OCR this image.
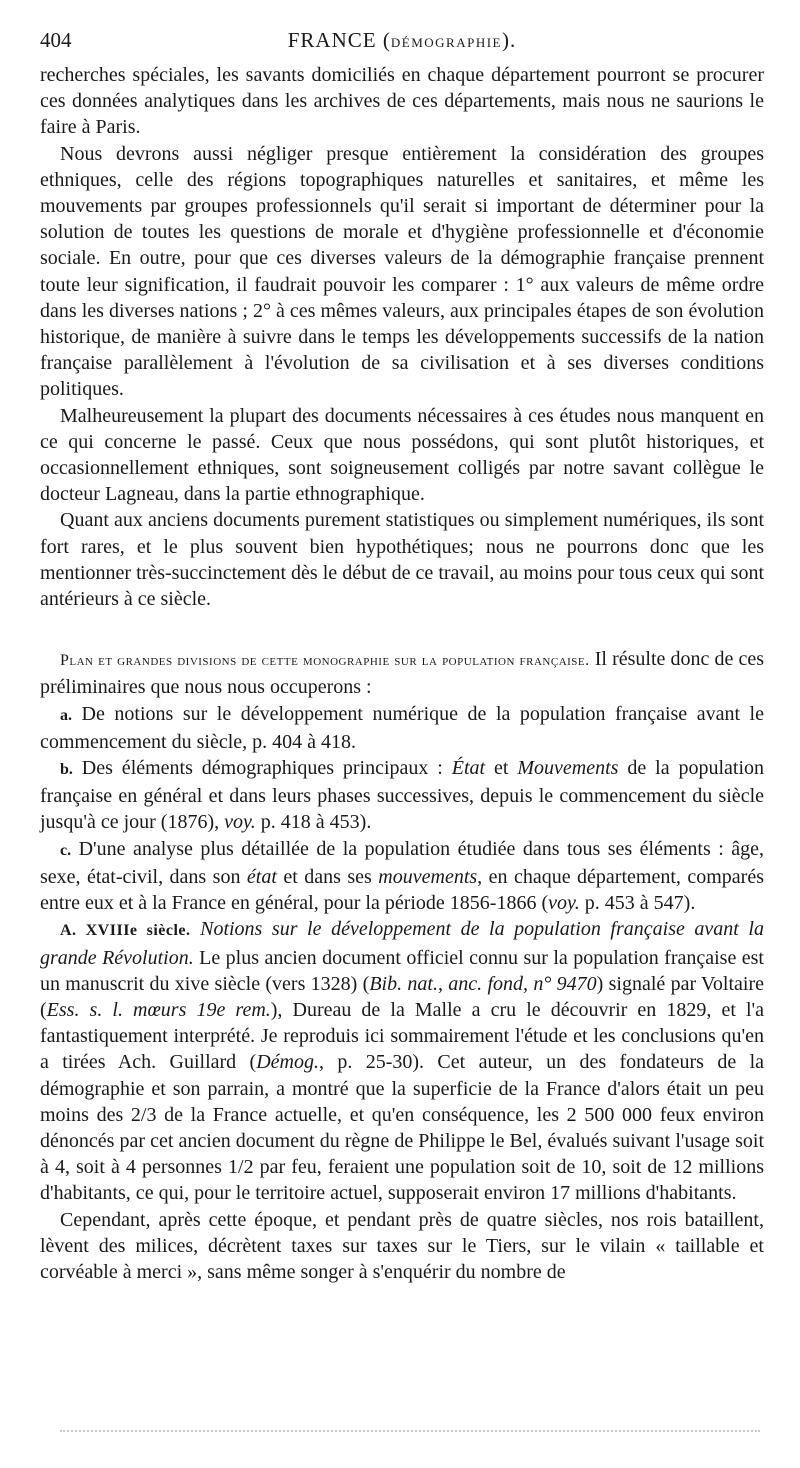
404	FRANCE (DÉMOGRAPHIE).

recherches spéciales, les savants domiciliés en chaque département pourront se procurer ces données analytiques dans les archives de ces départements, mais nous ne saurions le faire à Paris.

Nous devrons aussi négliger presque entièrement la considération des groupes ethniques, celle des régions topographiques naturelles et sanitaires, et même les mouvements par groupes professionnels qu'il serait si important de déterminer pour la solution de toutes les questions de morale et d'hygiène professionnelle et d'économie sociale. En outre, pour que ces diverses valeurs de la démographie française prennent toute leur signification, il faudrait pouvoir les comparer : 1° aux valeurs de même ordre dans les diverses nations ; 2° à ces mêmes valeurs, aux principales étapes de son évolution historique, de manière à suivre dans le temps les développements successifs de la nation française parallèlement à l'évolution de sa civilisation et à ses diverses conditions politiques.

Malheureusement la plupart des documents nécessaires à ces études nous manquent en ce qui concerne le passé. Ceux que nous possédons, qui sont plutôt historiques, et occasionnellement ethniques, sont soigneusement colligés par notre savant collègue le docteur Lagneau, dans la partie ethnographique.

Quant aux anciens documents purement statistiques ou simplement numériques, ils sont fort rares, et le plus souvent bien hypothétiques; nous ne pourrons donc que les mentionner très-succinctement dès le début de ce travail, au moins pour tous ceux qui sont antérieurs à ce siècle.

Plan et grandes divisions de cette monographie sur la population française. Il résulte donc de ces préliminaires que nous nous occuperons :

a. De notions sur le développement numérique de la population française avant le commencement du siècle, p. 404 à 418.

b. Des éléments démographiques principaux : État et Mouvements de la population française en général et dans leurs phases successives, depuis le commencement du siècle jusqu'à ce jour (1876), voy. p. 418 à 453).

c. D'une analyse plus détaillée de la population étudiée dans tous ses éléments : âge, sexe, état-civil, dans son état et dans ses mouvements, en chaque département, comparés entre eux et à la France en général, pour la période 1856-1866 (voy. p. 453 à 547).

A. XVIIIe siècle. Notions sur le développement de la population française avant la grande Révolution. Le plus ancien document officiel connu sur la population française est un manuscrit du xive siècle (vers 1328) (Bib. nat., anc. fond, n° 9470) signalé par Voltaire (Ess. s. l. mœurs 19e rem.), Dureau de la Malle a cru le découvrir en 1829, et l'a fantastiquement interprété. Je reproduis ici sommairement l'étude et les conclusions qu'en a tirées Ach. Guillard (Démog., p. 25-30). Cet auteur, un des fondateurs de la démographie et son parrain, a montré que la superficie de la France d'alors était un peu moins des 2/3 de la France actuelle, et qu'en conséquence, les 2 500 000 feux environ dénoncés par cet ancien document du règne de Philippe le Bel, évalués suivant l'usage soit à 4, soit à 4 personnes 1/2 par feu, feraient une population soit de 10, soit de 12 millions d'habitants, ce qui, pour le territoire actuel, supposerait environ 17 millions d'habitants.

Cependant, après cette époque, et pendant près de quatre siècles, nos rois bataillent, lèvent des milices, décrètent taxes sur taxes sur le Tiers, sur le vilain « taillable et corvéable à merci », sans même songer à s'enquérir du nombre de
